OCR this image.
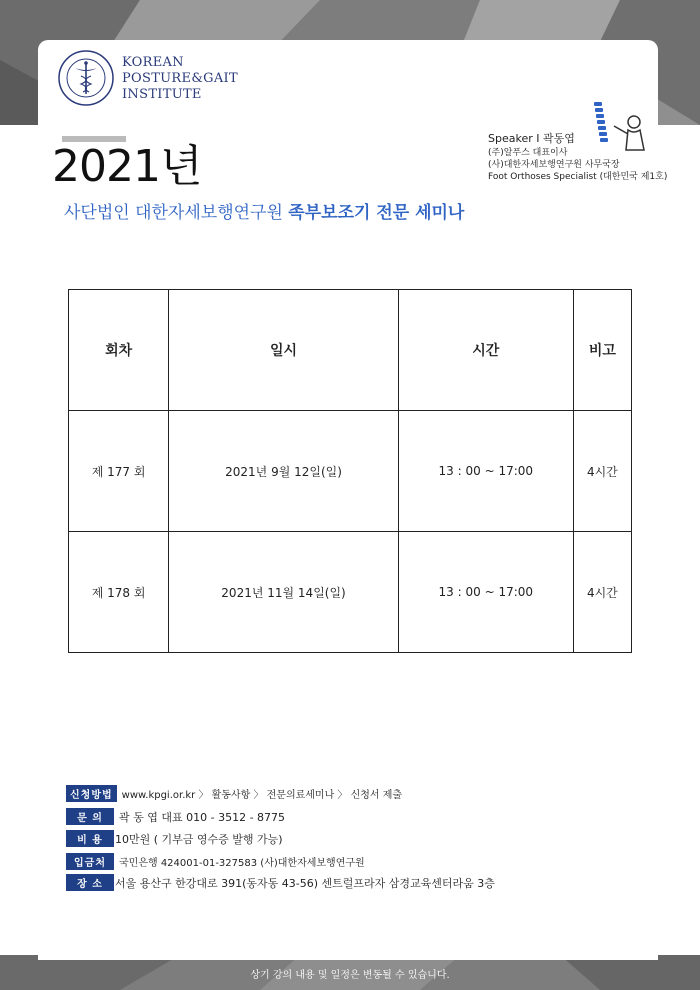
KOREAN
POSTURE&GAIT
INSTITUTE
2021년
사단법인 대한자세보행연구원 족부보조기 전문 세미나
Speaker I 곽동엽
(주)알푸스 대표이사
(사)대한자세보행연구원 사무국장
Foot Orthoses Specialist (대한민국 제1호)
회차	일시	시간	비고
제 177 회	2021년 9월 12일(일)	13 : 00 ~ 17:00	4시간
제 178 회	2021년 11월 14일(일)	13 : 00 ~ 17:00	4시간
신청방법 www.kpgi.or.kr 〉 활동사항 〉 전문의료세미나 〉 신청서 제출
문 의	곽 동 엽 대표 010 - 3512 - 8775
비 용	10만원 ( 기부금 영수증 발행 가능)
입금처	국민은행 424001-01-327583 (사)대한자세보행연구원
장 소	서울 용산구 한강대로 391(동자동 43-56) 센트럴프라자 삼경교육센터라움 3층
상기 강의 내용 및 일정은 변동될 수 있습니다.
